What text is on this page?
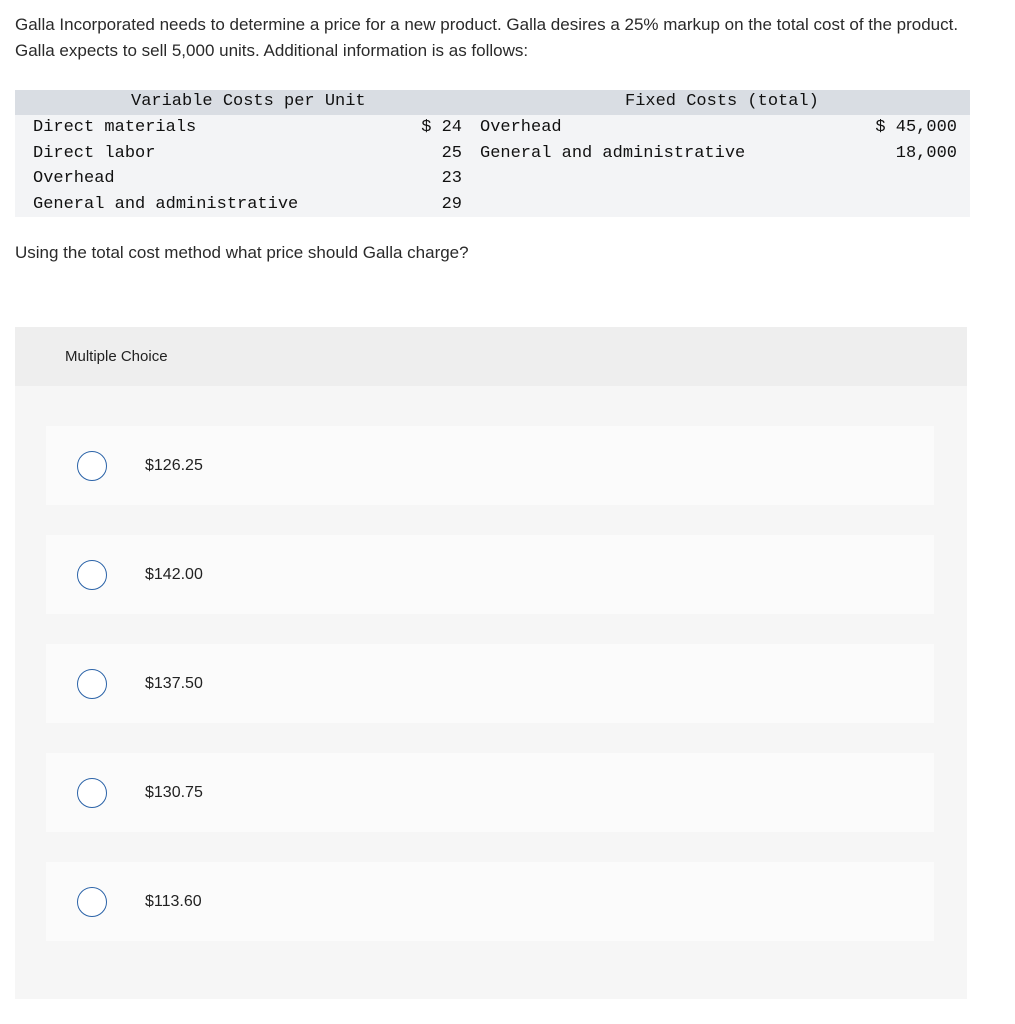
Galla Incorporated needs to determine a price for a new product. Galla desires a 25% markup on the total cost of the product. Galla expects to sell 5,000 units. Additional information is as follows:
Variable Costs per Unit	Fixed Costs (total)
Direct materials	$ 24 Overhead	$ 45,000
Direct labor	25 General and administrative	18,000
Overhead	23
General and administrative	29
Using the total cost method what price should Galla charge?
Multiple Choice
$126.25
$142.00
$137.50
$130.75
$113.60
